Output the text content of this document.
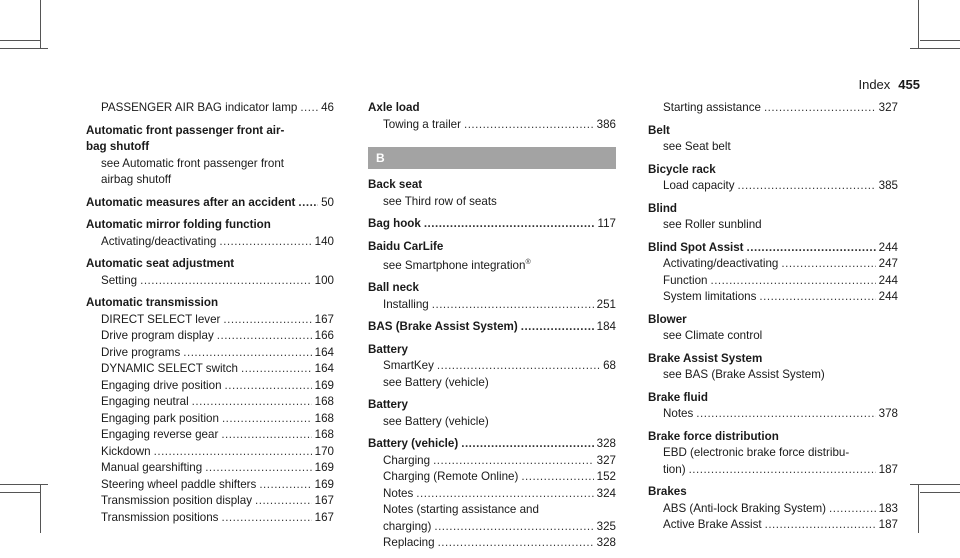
Index 455
PASSENGER AIR BAG indicator lamp ..... 46
Automatic front passenger front air-
bag shutoff
see Automatic front passenger front
airbag shutoff
Automatic measures after an accident ..... 50
Automatic mirror folding function
Activating/deactivating .....	140
Automatic seat adjustment
Setting .....	100
Automatic transmission
DIRECT SELECT lever .....	167
Drive program display .....	166
Drive programs .....	164
DYNAMIC SELECT switch .....	164
Engaging drive position .....	169
Engaging neutral .....	168
Engaging park position .....	168
Engaging reverse gear .....	168
Kickdown .....	170
Manual gearshifting .....	169
Steering wheel paddle shifters .....	169
Transmission position display .....	167
Transmission positions .....	167
Axle load
Towing a trailer .....	386
B
Back seat
see Third row of seats
Bag hook .....	117
Baidu CarLife
see Smartphone integration®
Ball neck
Installing .....	251
BAS (Brake Assist System) .....	184
Battery
SmartKey .....	68
see Battery (vehicle)
Battery
see Battery (vehicle)
Battery (vehicle) .....	328
Charging .....	327
Charging (Remote Online) .....	152
Notes .....	324
Notes (starting assistance and
charging) .....	325
Replacing .....	328
Starting assistance .....	327
Belt
see Seat belt
Bicycle rack
Load capacity .....	385
Blind
see Roller sunblind
Blind Spot Assist .....	244
Activating/deactivating .....	247
Function .....	244
System limitations .....	244
Blower
see Climate control
Brake Assist System
see BAS (Brake Assist System)
Brake fluid
Notes .....	378
Brake force distribution
EBD (electronic brake force distribu-
tion) .....	187
Brakes
ABS (Anti-lock Braking System) .....	183
Active Brake Assist .....	187
